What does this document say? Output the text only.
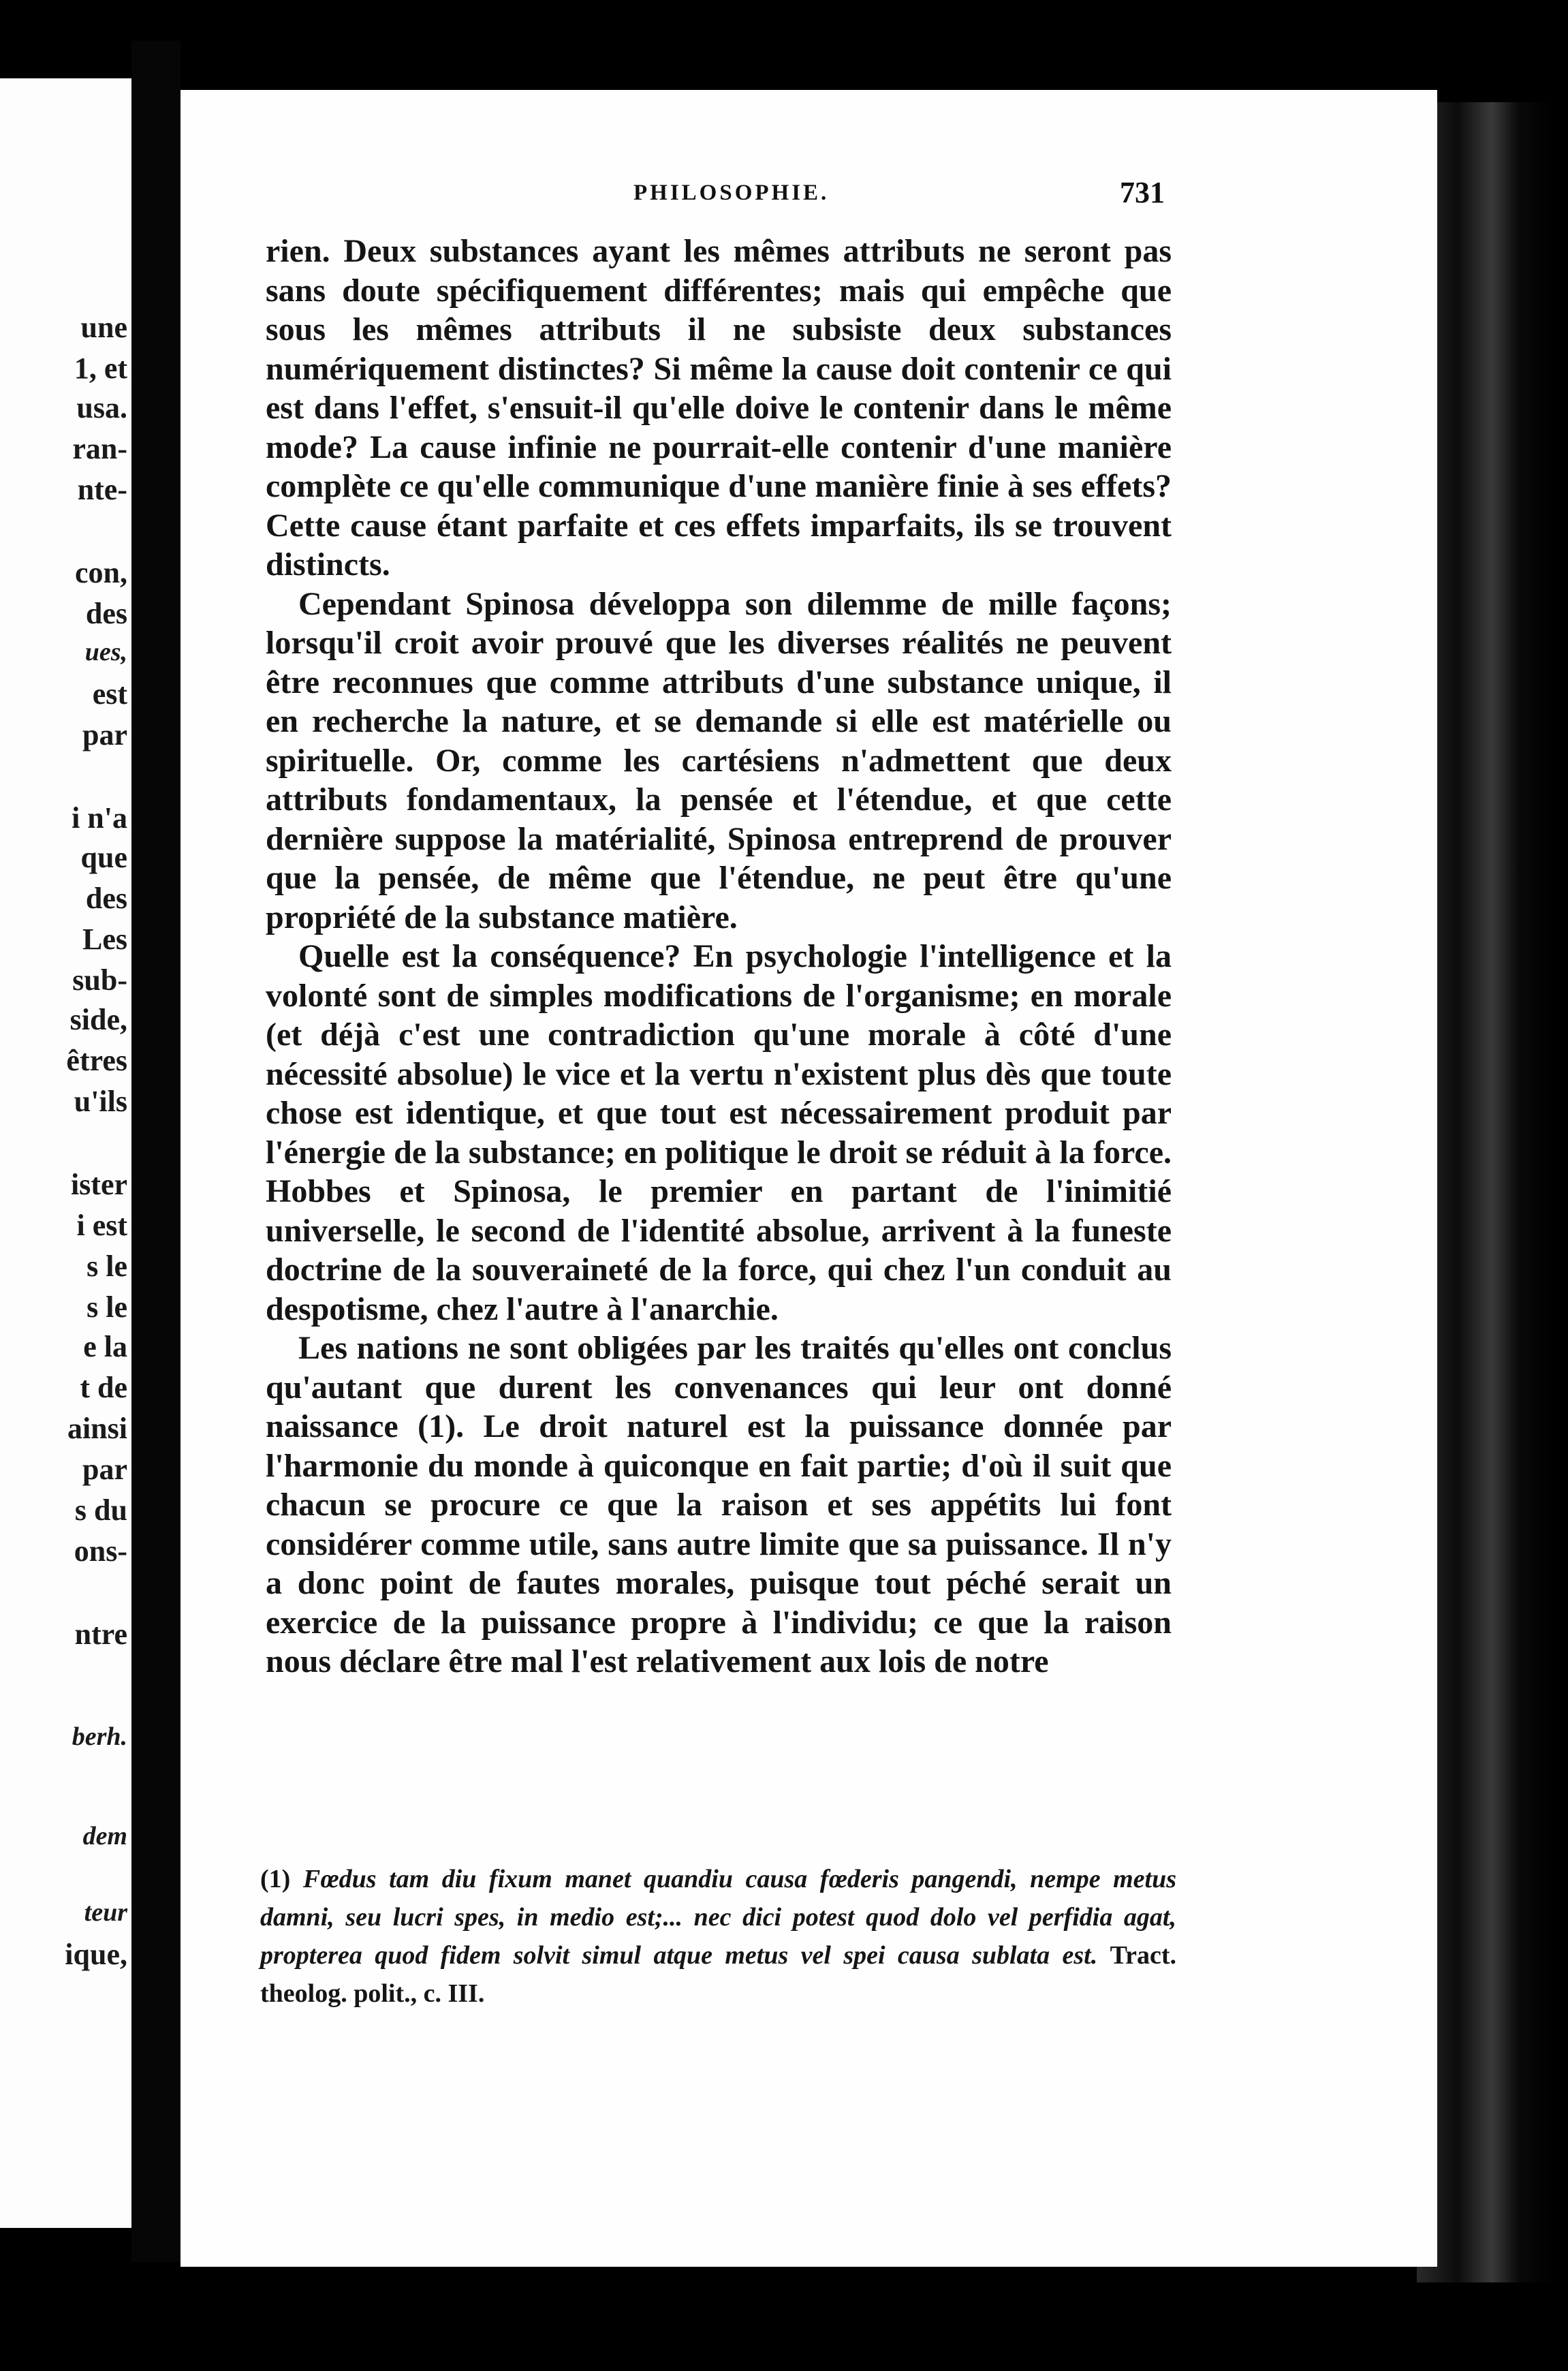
une
1, et
usa.
ran-
nte-
con,
des
ues,
est
par
i n'a
que
des
Les
sub-
side,
êtres
u'ils
ister
i est
s le
s le
e la
t de
ainsi
par
s du
ons-
ntre
berh.
dem
teur
ique,
PHILOSOPHIE.	731

rien. Deux substances ayant les mêmes attributs ne seront pas sans doute spécifiquement différentes; mais qui empêche que sous les mêmes attributs il ne subsiste deux substances numériquement distinctes? Si même la cause doit contenir ce qui est dans l'effet, s'ensuit-il qu'elle doive le contenir dans le même mode? La cause infinie ne pourrait-elle contenir d'une manière complète ce qu'elle communique d'une manière finie à ses effets? Cette cause étant parfaite et ces effets imparfaits, ils se trouvent distincts.

Cependant Spinosa développa son dilemme de mille façons; lorsqu'il croit avoir prouvé que les diverses réalités ne peuvent être reconnues que comme attributs d'une substance unique, il en recherche la nature, et se demande si elle est matérielle ou spirituelle. Or, comme les cartésiens n'admettent que deux attributs fondamentaux, la pensée et l'étendue, et que cette dernière suppose la matérialité, Spinosa entreprend de prouver que la pensée, de même que l'étendue, ne peut être qu'une propriété de la substance matière.

Quelle est la conséquence? En psychologie l'intelligence et la volonté sont de simples modifications de l'organisme; en morale (et déjà c'est une contradiction qu'une morale à côté d'une nécessité absolue) le vice et la vertu n'existent plus dès que toute chose est identique, et que tout est nécessairement produit par l'énergie de la substance; en politique le droit se réduit à la force. Hobbes et Spinosa, le premier en partant de l'inimitié universelle, le second de l'identité absolue, arrivent à la funeste doctrine de la souveraineté de la force, qui chez l'un conduit au despotisme, chez l'autre à l'anarchie.

Les nations ne sont obligées par les traités qu'elles ont conclus qu'autant que durent les convenances qui leur ont donné naissance (1). Le droit naturel est la puissance donnée par l'harmonie du monde à quiconque en fait partie; d'où il suit que chacun se procure ce que la raison et ses appétits lui font considérer comme utile, sans autre limite que sa puissance. Il n'y a donc point de fautes morales, puisque tout péché serait un exercice de la puissance propre à l'individu; ce que la raison nous déclare être mal l'est relativement aux lois de notre

(1) Fœdus tam diu fixum manet quandiu causa fœderis pangendi, nempe metus damni, seu lucri spes, in medio est;... nec dici potest quod dolo vel perfidia agat, propterea quod fidem solvit simul atque metus vel spei causa sublata est. Tract. theolog. polit., c. III.
